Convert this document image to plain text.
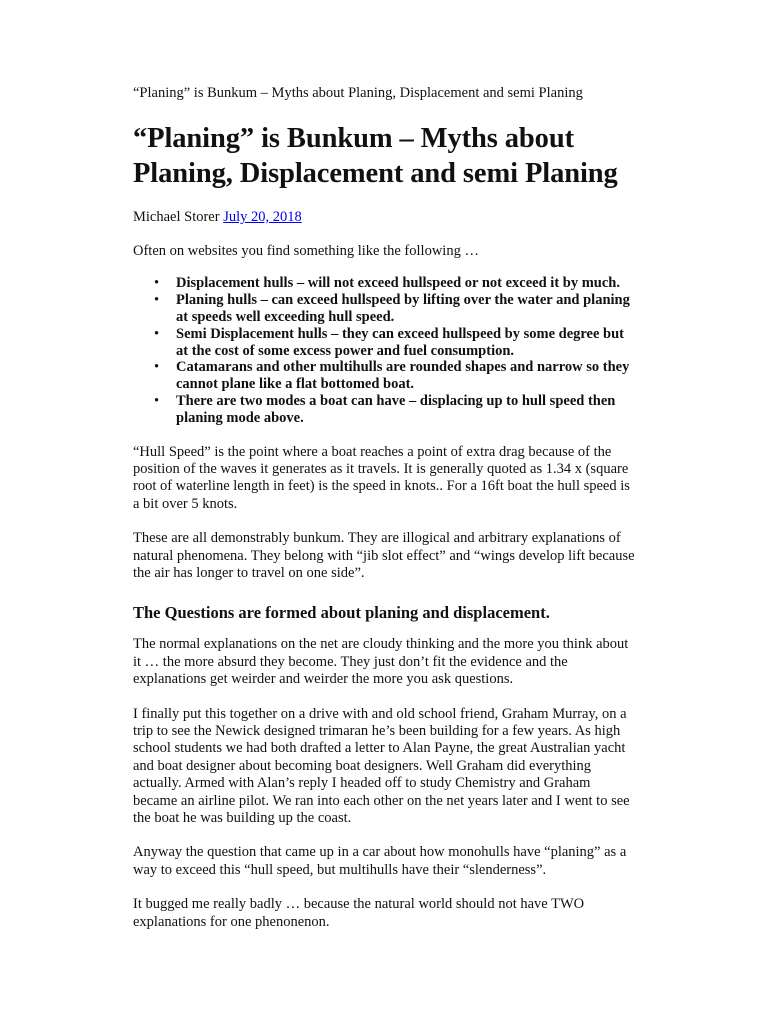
“Planing” is Bunkum – Myths about Planing, Displacement and semi Planing
“Planing” is Bunkum – Myths about Planing, Displacement and semi Planing
Michael Storer July 20, 2018

Often on websites you find something like the following …

• Displacement hulls – will not exceed hullspeed or not exceed it by much.
• Planing hulls – can exceed hullspeed by lifting over the water and planing at speeds well exceeding hull speed.
• Semi Displacement hulls – they can exceed hullspeed by some degree but at the cost of some excess power and fuel consumption.
• Catamarans and other multihulls are rounded shapes and narrow so they cannot plane like a flat bottomed boat.
• There are two modes a boat can have – displacing up to hull speed then planing mode above.

“Hull Speed” is the point where a boat reaches a point of extra drag because of the position of the waves it generates as it travels. It is generally quoted as 1.34 x (square root of waterline length in feet) is the speed in knots.. For a 16ft boat the hull speed is a bit over 5 knots.

These are all demonstrably bunkum. They are illogical and arbitrary explanations of natural phenomena. They belong with “jib slot effect” and “wings develop lift because the air has longer to travel on one side”.

The Questions are formed about planing and displacement.

The normal explanations on the net are cloudy thinking and the more you think about it … the more absurd they become. They just don’t fit the evidence and the explanations get weirder and weirder the more you ask questions.

I finally put this together on a drive with and old school friend, Graham Murray, on a trip to see the Newick designed trimaran he’s been building for a few years. As high school students we had both drafted a letter to Alan Payne, the great Australian yacht and boat designer about becoming boat designers. Well Graham did everything actually. Armed with Alan’s reply I headed off to study Chemistry and Graham became an airline pilot. We ran into each other on the net years later and I went to see the boat he was building up the coast.

Anyway the question that came up in a car about how monohulls have “planing” as a way to exceed this “hull speed, but multihulls have their “slenderness”.

It bugged me really badly … because the natural world should not have TWO explanations for one phenonenon.
